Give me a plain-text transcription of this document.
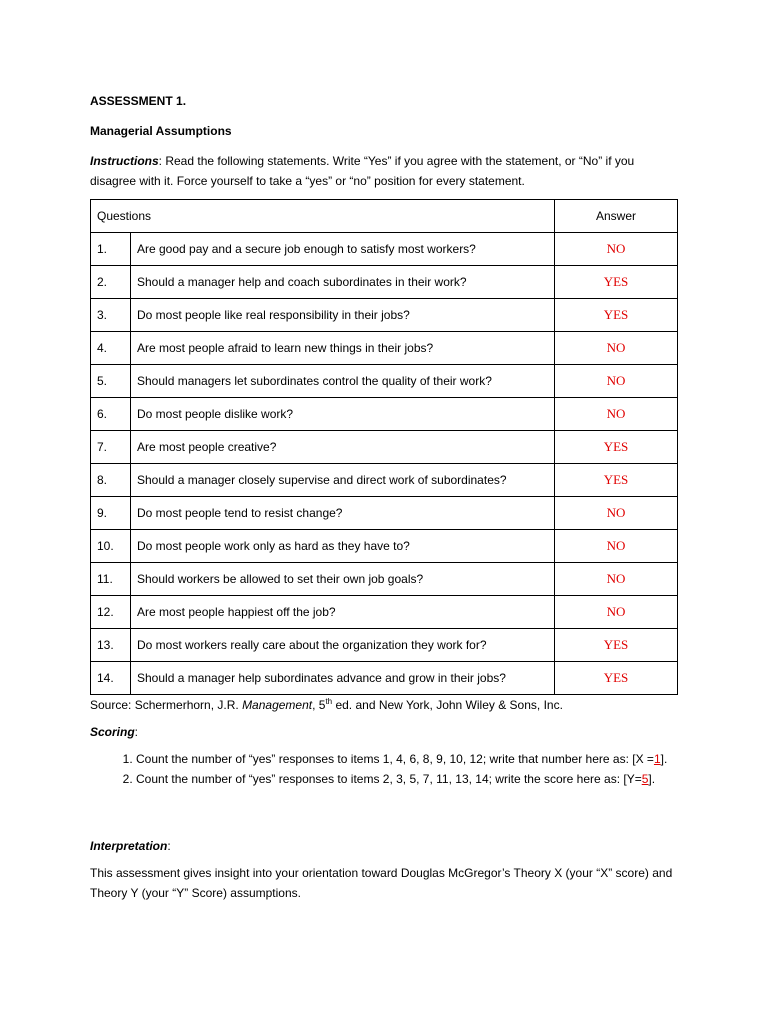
ASSESSMENT 1.
Managerial Assumptions
Instructions: Read the following statements. Write “Yes” if you agree with the statement, or “No” if you disagree with it. Force yourself to take a “yes” or “no” position for every statement.
Questions		Answer
1.	Are good pay and a secure job enough to satisfy most workers?	NO
2.	Should a manager help and coach subordinates in their work?	YES
3.	Do most people like real responsibility in their jobs?	YES
4.	Are most people afraid to learn new things in their jobs?	NO
5.	Should managers let subordinates control the quality of their work?	NO
6.	Do most people dislike work?	NO
7.	Are most people creative?	YES
8.	Should a manager closely supervise and direct work of subordinates?	YES
9.	Do most people tend to resist change?	NO
10.	Do most people work only as hard as they have to?	NO
11.	Should workers be allowed to set their own job goals?	NO
12.	Are most people happiest off the job?	NO
13.	Do most workers really care about the organization they work for?	YES
14.	Should a manager help subordinates advance and grow in their jobs?	YES
Source: Schermerhorn, J.R. Management, 5th ed. and New York, John Wiley & Sons, Inc.
Scoring:
1. Count the number of “yes” responses to items 1, 4, 6, 8, 9, 10, 12; write that number here as: [X =1].
2. Count the number of “yes” responses to items 2, 3, 5, 7, 11, 13, 14; write the score here as: [Y=5].
Interpretation:
This assessment gives insight into your orientation toward Douglas McGregor’s Theory X (your “X” score) and Theory Y (your “Y” Score) assumptions.
